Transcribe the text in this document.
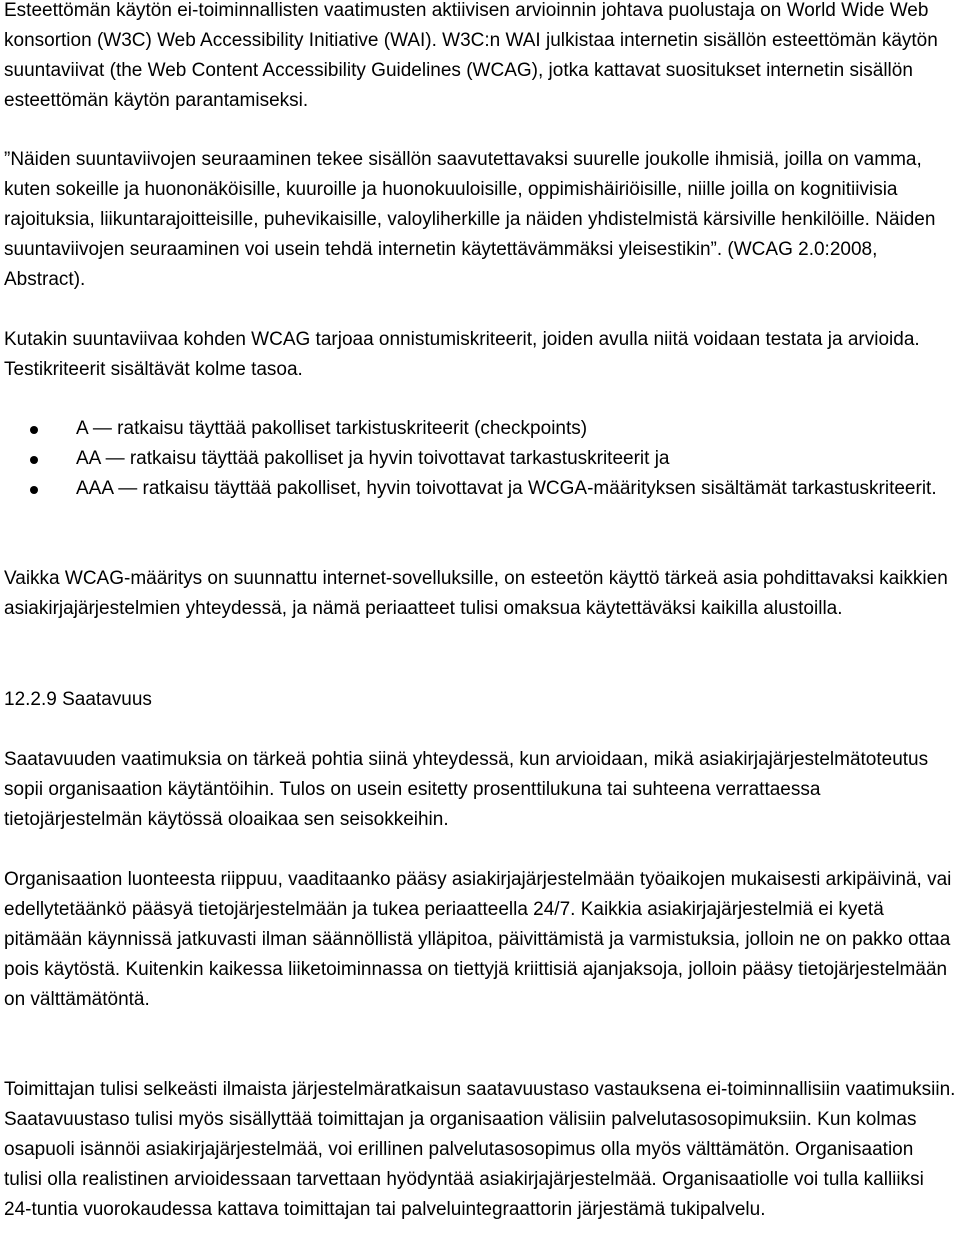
Esteettömän käytön ei-toiminnallisten vaatimusten aktiivisen arvioinnin johtava puolustaja on World Wide Web konsortion (W3C) Web Accessibility Initiative (WAI). W3C:n WAI julkistaa internetin sisällön esteettömän käytön suuntaviivat (the Web Content Accessibility Guidelines (WCAG), jotka kattavat suositukset internetin sisällön esteettömän käytön parantamiseksi.

”Näiden suuntaviivojen seuraaminen tekee sisällön saavutettavaksi suurelle joukolle ihmisiä, joilla on vamma, kuten sokeille ja huononäköisille, kuuroille ja huonokuuloisille, oppimishäiriöisille, niille joilla on kognitiivisia rajoituksia, liikuntarajoitteisille, puhevikaisille, valoyliherkille ja näiden yhdistelmistä kärsiville henkilöille. Näiden suuntaviivojen seuraaminen voi usein tehdä internetin käytettävämmäksi yleisestikin”. (WCAG 2.0:2008, Abstract).

Kutakin suuntaviivaa kohden WCAG tarjoaa onnistumiskriteerit, joiden avulla niitä voidaan testata ja arvioida. Testikriteerit sisältävät kolme tasoa.

A — ratkaisu täyttää pakolliset tarkistuskriteerit (checkpoints)
AA — ratkaisu täyttää pakolliset ja hyvin toivottavat tarkastuskriteerit ja
AAA — ratkaisu täyttää pakolliset, hyvin toivottavat ja WCGA-määrityksen sisältämät tarkastuskriteerit.

Vaikka WCAG-määritys on suunnattu internet-sovelluksille, on esteetön käyttö tärkeä asia pohdittavaksi kaikkien asiakirjajärjestelmien yhteydessä, ja nämä periaatteet tulisi omaksua käytettäväksi kaikilla alustoilla.

12.2.9 Saatavuus

Saatavuuden vaatimuksia on tärkeä pohtia siinä yhteydessä, kun arvioidaan, mikä asiakirjajärjestelmätoteutus sopii organisaation käytäntöihin. Tulos on usein esitetty prosenttilukuna tai suhteena verrattaessa tietojärjestelmän käytössä oloaikaa sen seisokkeihin.

Organisaation luonteesta riippuu, vaaditaanko pääsy asiakirjajärjestelmään työaikojen mukaisesti arkipäivinä, vai edellytetäänkö pääsyä tietojärjestelmään ja tukea periaatteella 24/7. Kaikkia asiakirjajärjestelmiä ei kyetä pitämään käynnissä jatkuvasti ilman säännöllistä ylläpitoa, päivittämistä ja varmistuksia, jolloin ne on pakko ottaa pois käytöstä. Kuitenkin kaikessa liiketoiminnassa on tiettyjä kriittisiä ajanjaksoja, jolloin pääsy tietojärjestelmään on välttämätöntä.

Toimittajan tulisi selkeästi ilmaista järjestelmäratkaisun saatavuustaso vastauksena ei-toiminnallisiin vaatimuksiin. Saatavuustaso tulisi myös sisällyttää toimittajan ja organisaation välisiin palvelutasosopimuksiin. Kun kolmas osapuoli isännöi asiakirjajärjestelmää, voi erillinen palvelutasosopimus olla myös välttämätön. Organisaation tulisi olla realistinen arvioidessaan tarvettaan hyödyntää asiakirjajärjestelmää. Organisaatiolle voi tulla kalliiksi 24-tuntia vuorokaudessa kattava toimittajan tai palveluintegraattorin järjestämä tukipalvelu.
